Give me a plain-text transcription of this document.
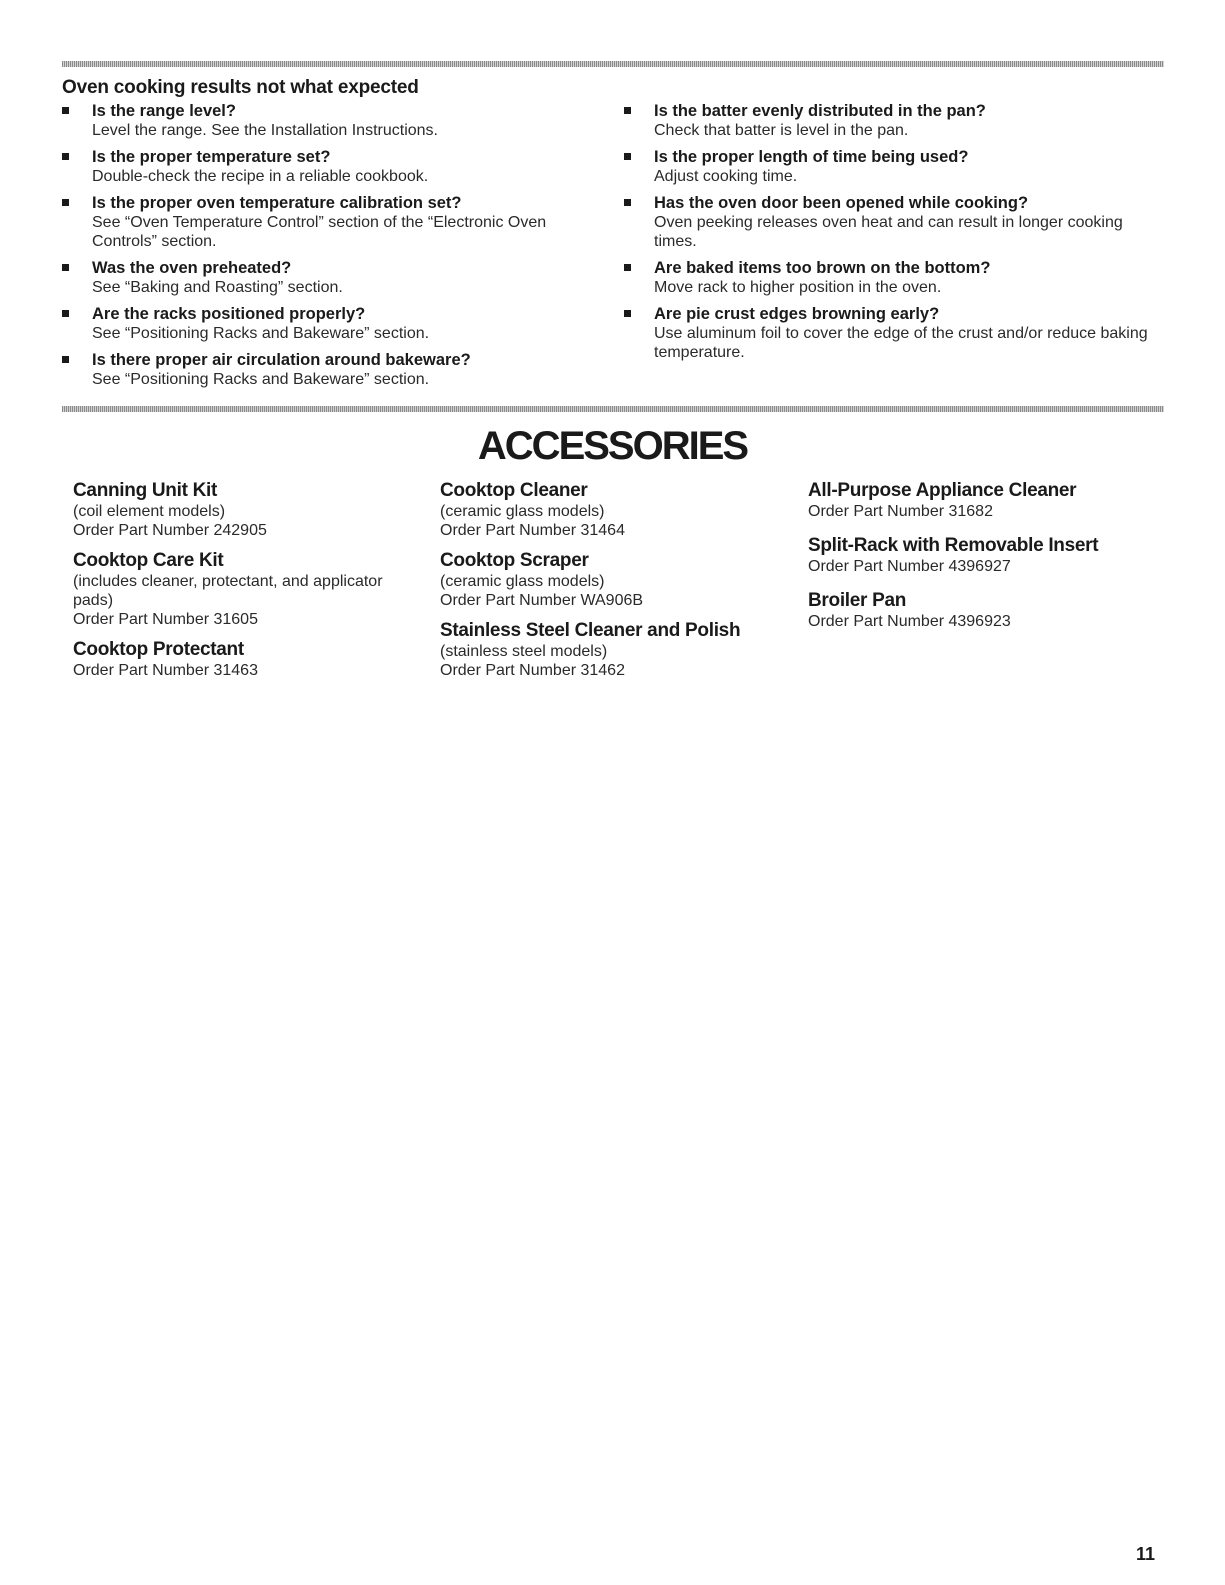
Oven cooking results not what expected
Is the range level?
Level the range. See the Installation Instructions.
Is the proper temperature set?
Double-check the recipe in a reliable cookbook.
Is the proper oven temperature calibration set?
See “Oven Temperature Control” section of the “Electronic Oven Controls” section.
Was the oven preheated?
See “Baking and Roasting” section.
Are the racks positioned properly?
See “Positioning Racks and Bakeware” section.
Is there proper air circulation around bakeware?
See “Positioning Racks and Bakeware” section.
Is the batter evenly distributed in the pan?
Check that batter is level in the pan.
Is the proper length of time being used?
Adjust cooking time.
Has the oven door been opened while cooking?
Oven peeking releases oven heat and can result in longer cooking times.
Are baked items too brown on the bottom?
Move rack to higher position in the oven.
Are pie crust edges browning early?
Use aluminum foil to cover the edge of the crust and/or reduce baking temperature.
ACCESSORIES
Canning Unit Kit
(coil element models)
Order Part Number 242905
Cooktop Care Kit
(includes cleaner, protectant, and applicator pads)
Order Part Number 31605
Cooktop Protectant
Order Part Number 31463
Cooktop Cleaner
(ceramic glass models)
Order Part Number 31464
Cooktop Scraper
(ceramic glass models)
Order Part Number WA906B
Stainless Steel Cleaner and Polish
(stainless steel models)
Order Part Number 31462
All-Purpose Appliance Cleaner
Order Part Number 31682
Split-Rack with Removable Insert
Order Part Number 4396927
Broiler Pan
Order Part Number 4396923
11
